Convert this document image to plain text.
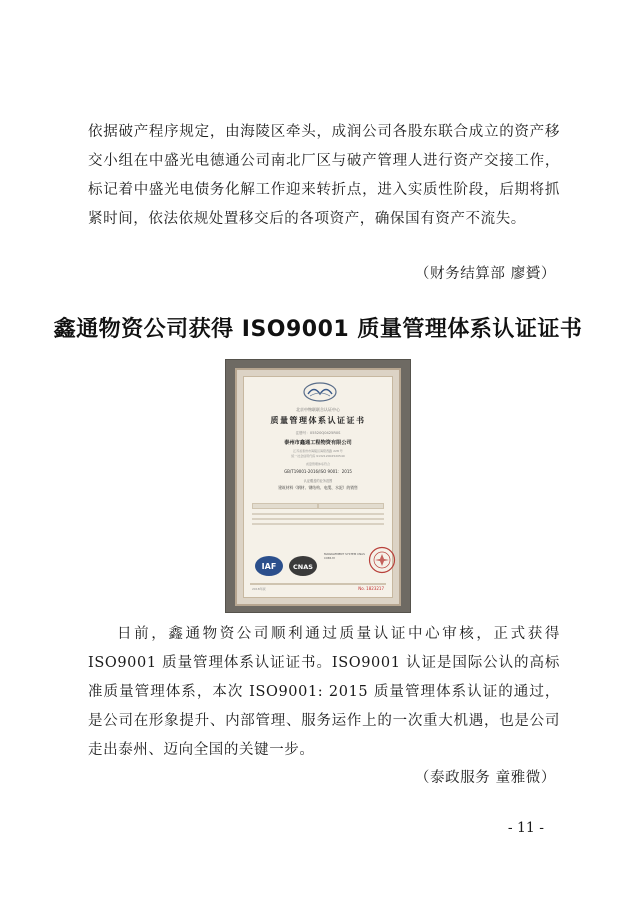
依据破产程序规定，由海陵区牵头，成润公司各股东联合成立的资产移交小组在中盛光电德通公司南北厂区与破产管理人进行资产交接工作，标记着中盛光电债务化解工作迎来转折点，进入实质性阶段，后期将抓紧时间，依法依规处置移交后的各项资产，确保国有资产不流失。

（财务结算部 廖贇）
鑫通物资公司获得 ISO9001 质量管理体系认证证书
北京中物联联合认证中心
质量管理体系认证证书
注册号：05520Q0425R0S
泰州市鑫通工程物资有限公司
江苏省泰州市海陵区海阳西路 228 号
统一社会信用代码 913212002520540
质量管理体系符合
GB/T19001-2016/ISO 9001：2015
认证覆盖的业务范围
建筑材料（钢材、钢结构、电缆、水泥）的销售
IAF	CNAS
MANAGEMENT SYSTEM CNAS C065-M
2018年版	No. 1823217

日前，鑫通物资公司顺利通过质量认证中心审核，正式获得ISO9001 质量管理体系认证证书。ISO9001 认证是国际公认的高标准质量管理体系，本次 ISO9001: 2015 质量管理体系认证的通过，是公司在形象提升、内部管理、服务运作上的一次重大机遇，也是公司走出泰州、迈向全国的关键一步。

（泰政服务 童雅微）
- 11 -
